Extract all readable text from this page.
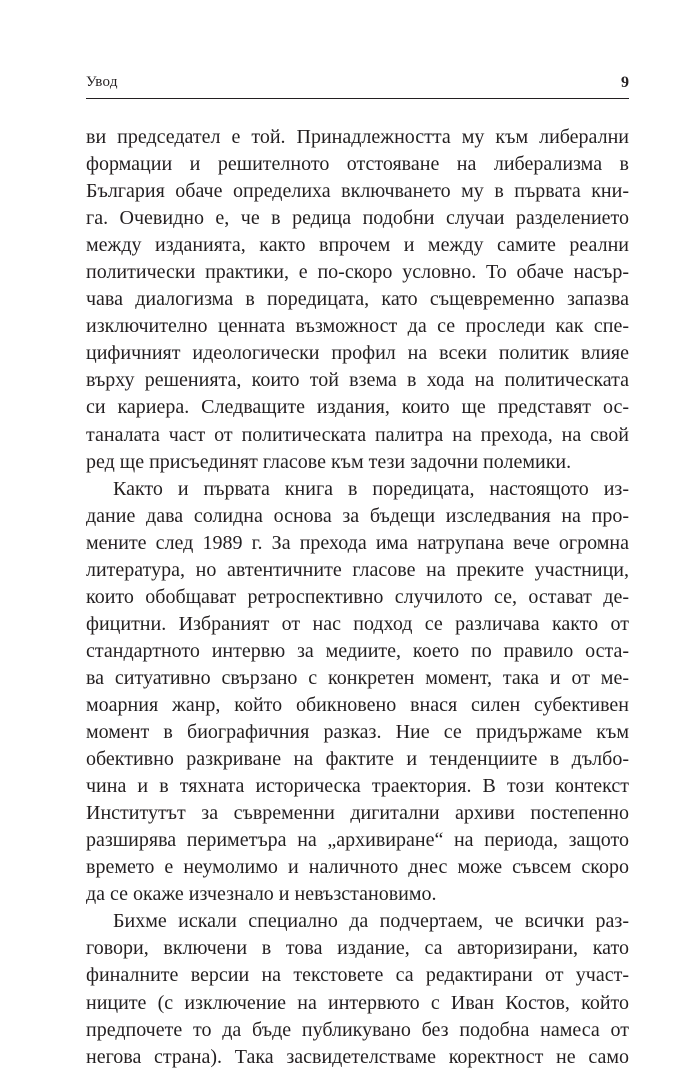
Увод	9
ви председател е той. Принадлежността му към либерални
формации и решителното отстояване на либерализма в
България обаче определиха включването му в първата кни-
га. Очевидно е, че в редица подобни случаи разделението
между изданията, както впрочем и между самите реални
политически практики, е по-скоро условно. То обаче насър-
чава диалогизма в поредицата, като същевременно запазва
изключително ценната възможност да се проследи как спе-
цифичният идеологически профил на всеки политик влияе
върху решенията, които той взема в хода на политическата
си кариера. Следващите издания, които ще представят ос-
таналата част от политическата палитра на прехода, на свой
ред ще присъединят гласове към тези задочни полемики.
Както и първата книга в поредицата, настоящото из-
дание дава солидна основа за бъдещи изследвания на про-
мените след 1989 г. За прехода има натрупана вече огромна
литература, но автентичните гласове на преките участници,
които обобщават ретроспективно случилото се, остават де-
фицитни. Избраният от нас подход се различава както от
стандартното интервю за медиите, което по правило оста-
ва ситуативно свързано с конкретен момент, така и от ме-
моарния жанр, който обикновено внася силен субективен
момент в биографичния разказ. Ние се придържаме към
обективно разкриване на фактите и тенденциите в дълбо-
чина и в тяхната историческа траектория. В този контекст
Институтът за съвременни дигитални архиви постепенно
разширява периметъра на „архивиране“ на периода, защото
времето е неумолимо и наличното днес може съвсем скоро
да се окаже изчезнало и невъзстановимо.
Бихме искали специално да подчертаем, че всички раз-
говори, включени в това издание, са авторизирани, като
финалните версии на текстовете са редактирани от участ-
ниците (с изключение на интервюто с Иван Костов, който
предпочете то да бъде публикувано без подобна намеса от
негова страна). Така засвидетелстваме коректност не само
